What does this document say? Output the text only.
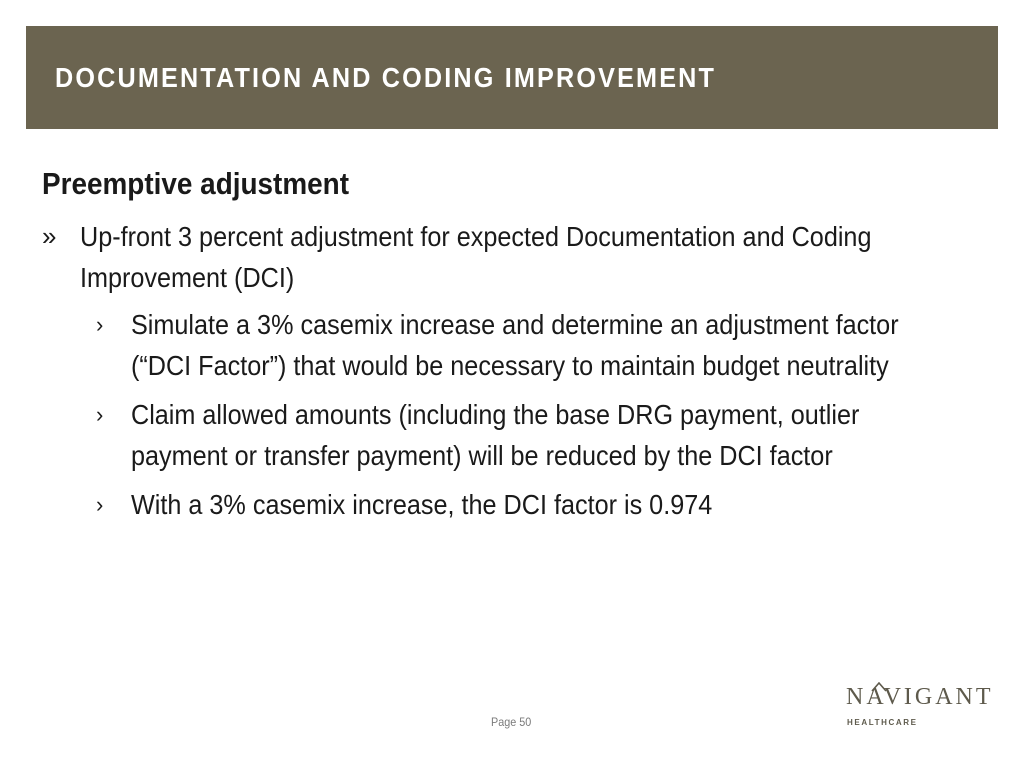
DOCUMENTATION AND CODING IMPROVEMENT
Preemptive adjustment
» Up-front 3 percent adjustment for expected Documentation and Coding Improvement (DCI)
› Simulate a 3% casemix increase and determine an adjustment factor (“DCI Factor”) that would be necessary to maintain budget neutrality
› Claim allowed amounts (including the base DRG payment, outlier payment or transfer payment) will be reduced by the DCI factor
› With a 3% casemix increase, the DCI factor is 0.974
Page 50
NAVIGANT
HEALTHCARE
